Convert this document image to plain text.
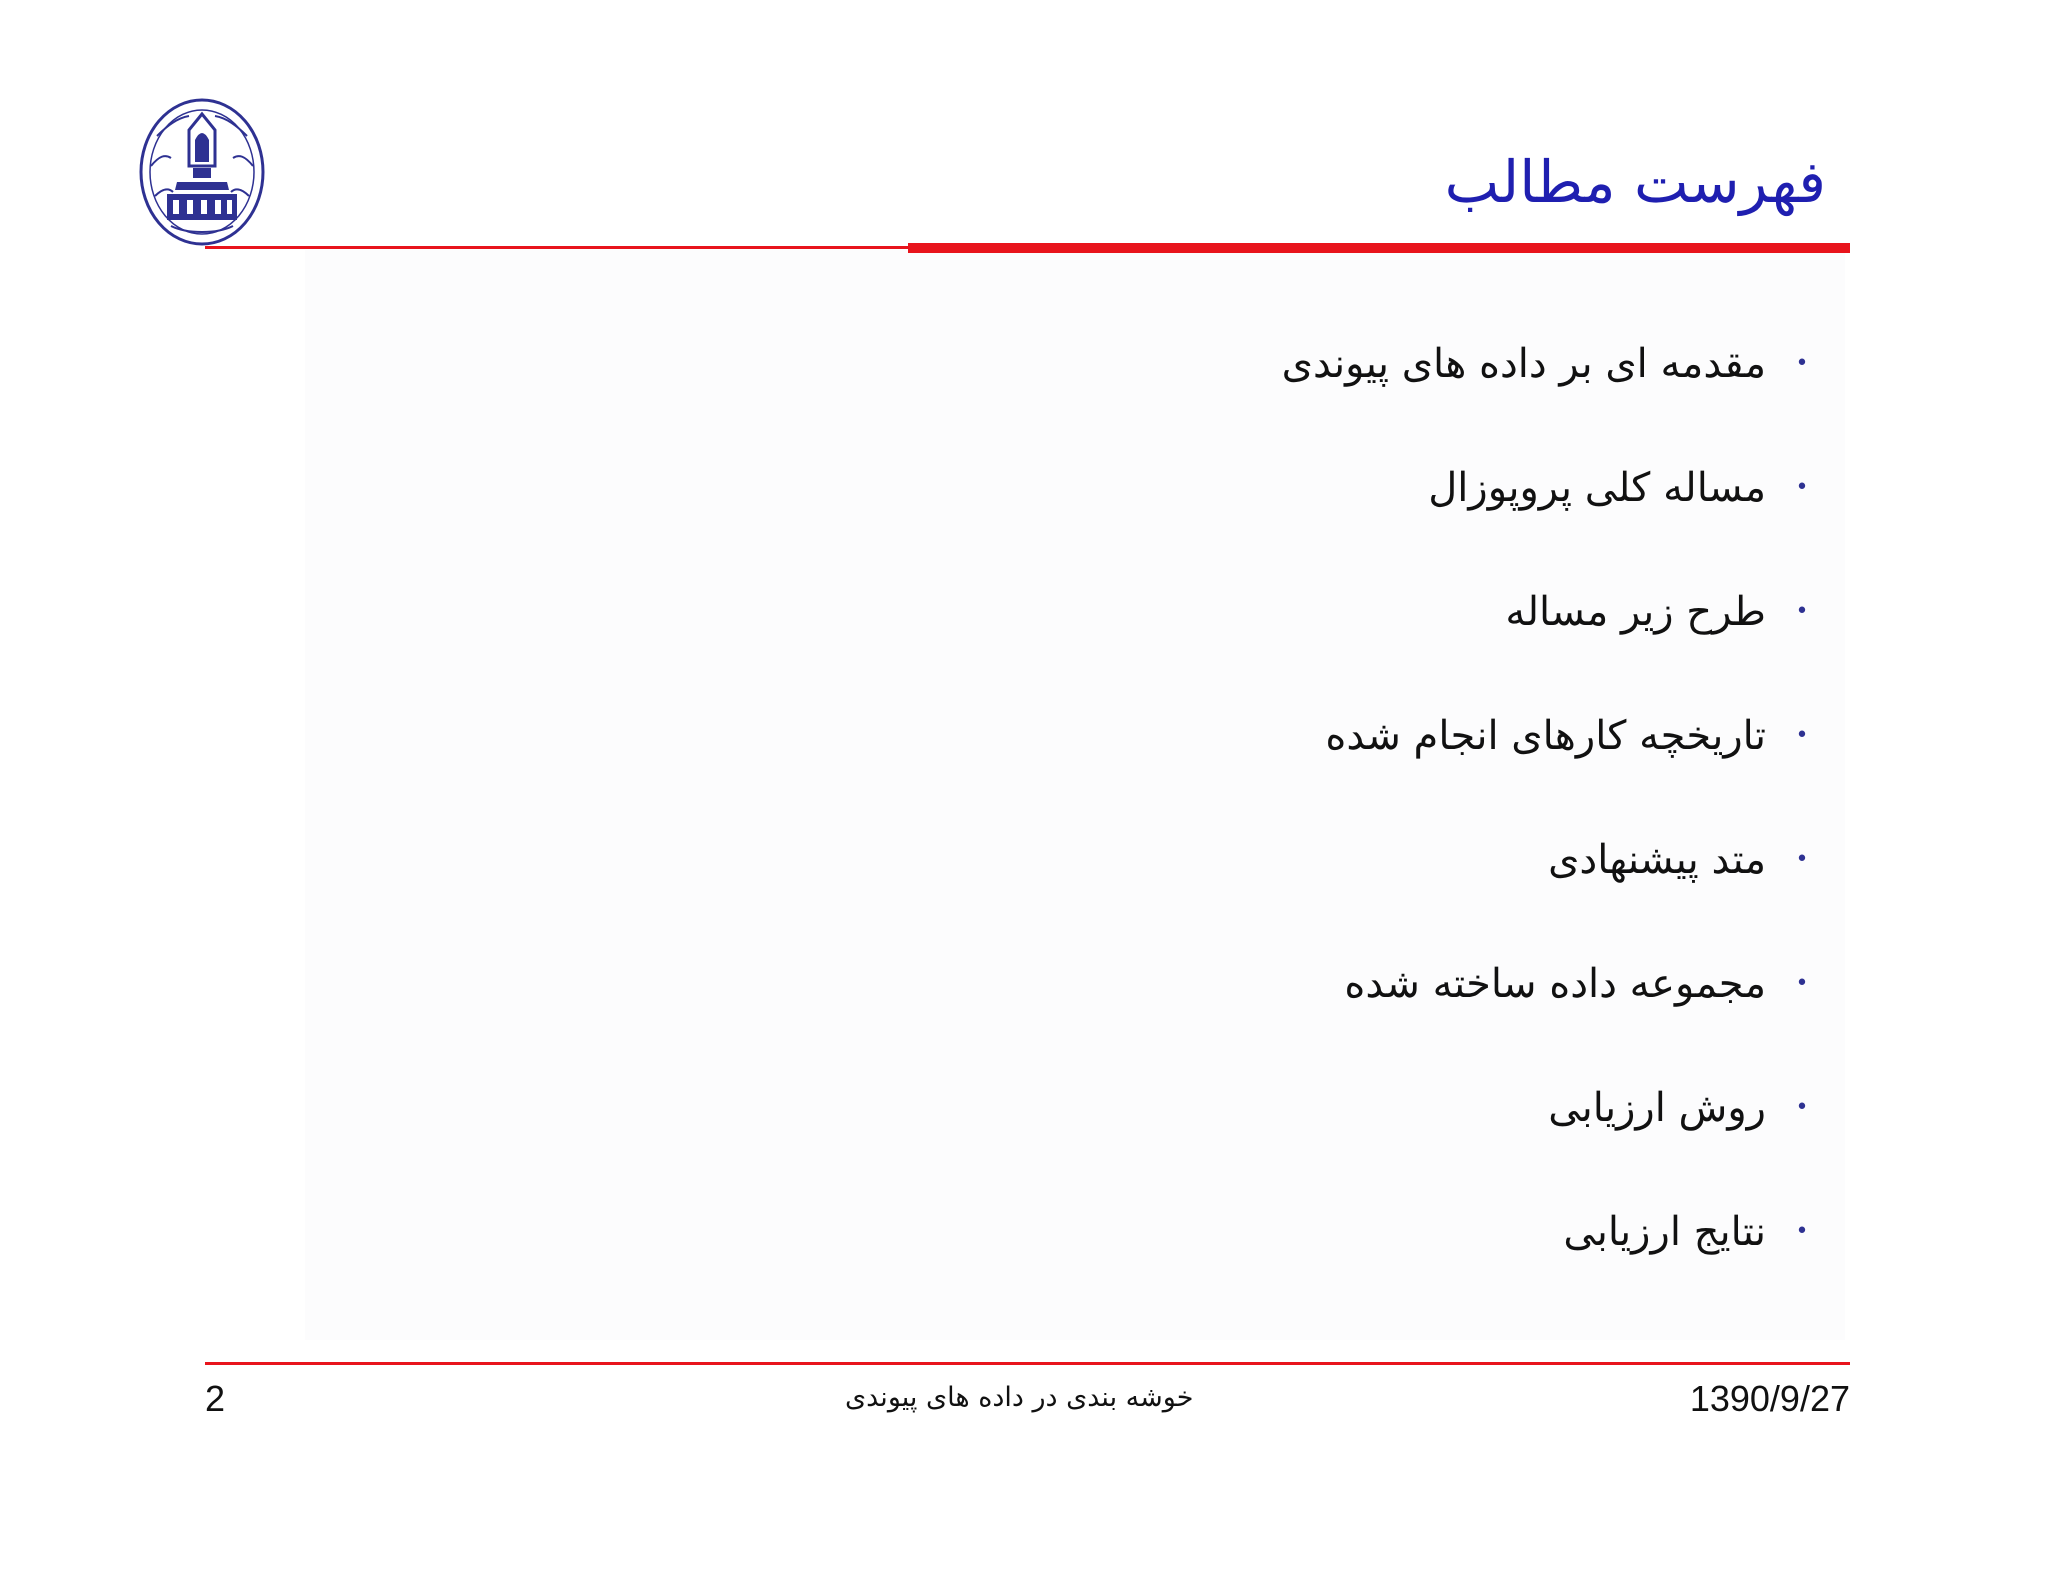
فهرست مطالب
•
مقدمه ای بر داده های پیوندی
•
مساله کلی پروپوزال
•
طرح زیر مساله
•
تاریخچه کارهای انجام شده
•
متد پیشنهادی
•
مجموعه داده ساخته شده
•
روش ارزیابی
•
نتایج ارزیابی
2	خوشه بندی در داده های پیوندی	1390/9/27
